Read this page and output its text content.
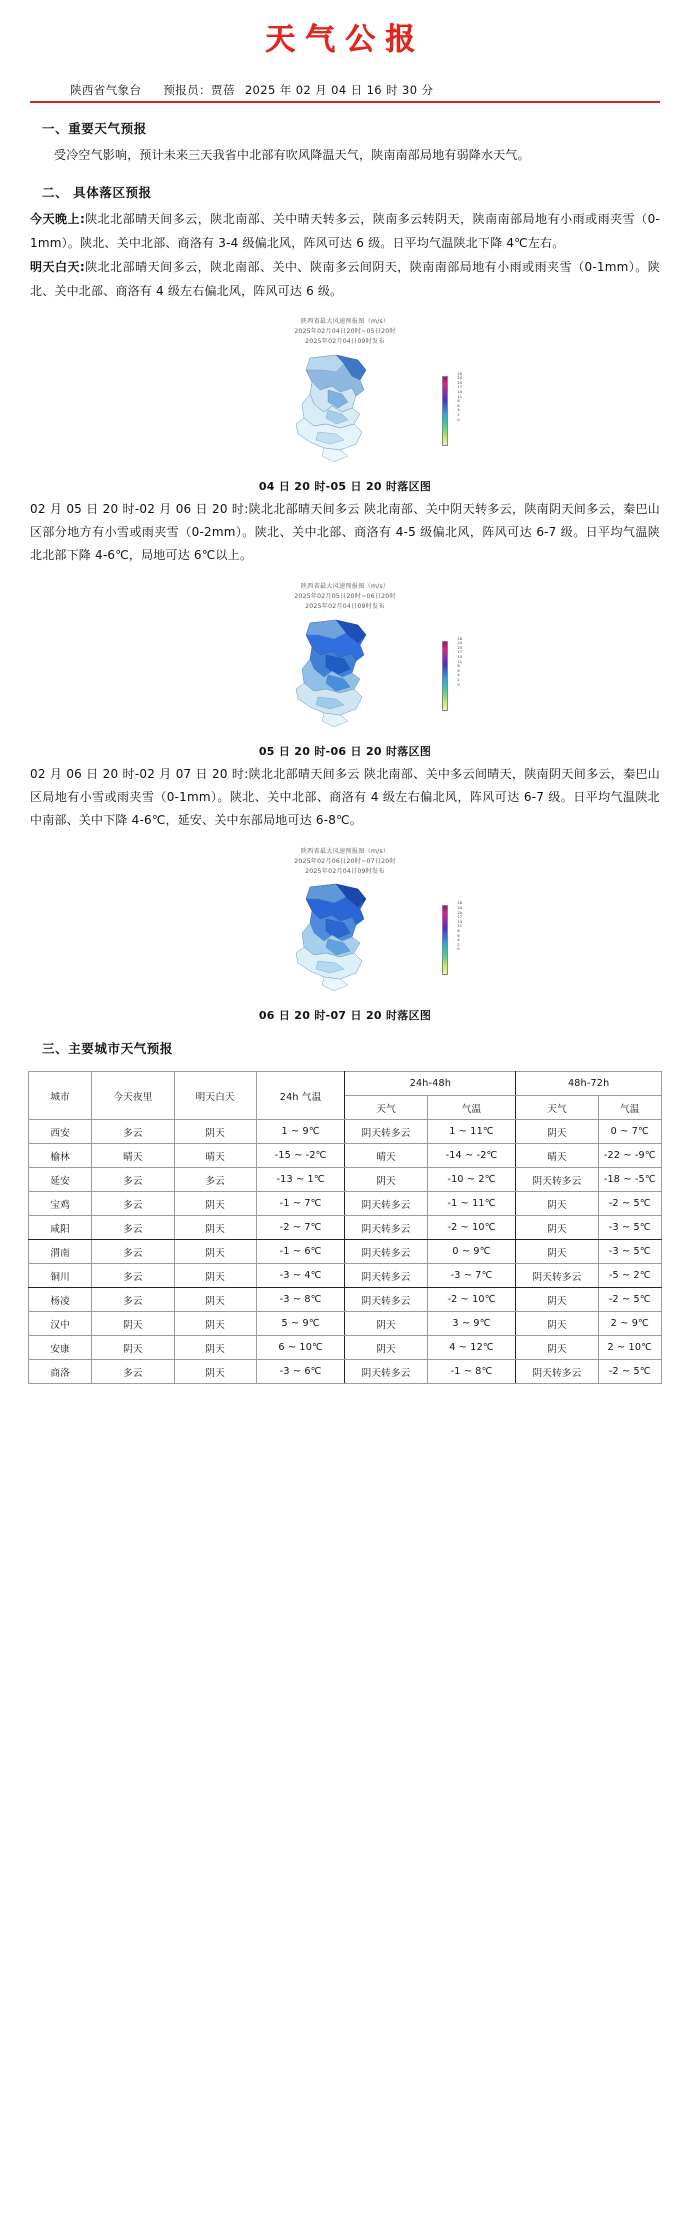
天气公报
陕西省气象台 预报员：贾蓓 2025 年 02 月 04 日 16 时 30 分
一、重要天气预报

受冷空气影响，预计未来三天我省中北部有吹风降温天气，陕南南部局地有弱降水天气。

二、 具体落区预报

今天晚上:陕北北部晴天间多云，陕北南部、关中晴天转多云，陕南多云转阴天，陕南南部局地有小雨或雨夹雪（0-1mm）。陕北、关中北部、商洛有 3-4 级偏北风，阵风可达 6 级。日平均气温陕北下降 4℃左右。

明天白天:陕北北部晴天间多云，陕北南部、关中、陕南多云间阴天，陕南南部局地有小雨或雨夹雪（0-1mm）。陕北、关中北部、商洛有 4 级左右偏北风，阵风可达 6 级。

陕西省最大风速预报图（m/s）
2025年02月04日20时~05日20时
2025年02月04日09时发布
28
24
20
17
14
11
8
6
4
2
0
04 日 20 时-05 日 20 时落区图

02 月 05 日 20 时-02 月 06 日 20 时:陕北北部晴天间多云 陕北南部、关中阴天转多云，陕南阴天间多云，秦巴山区部分地方有小雪或雨夹雪（0-2mm）。陕北、关中北部、商洛有 4-5 级偏北风，阵风可达 6-7 级。日平均气温陕北北部下降 4-6℃，局地可达 6℃以上。

陕西省最大风速预报图（m/s）
2025年02月05日20时~06日20时
2025年02月04日09时发布
28
24
20
17
14
11
8
6
4
2
0
05 日 20 时-06 日 20 时落区图

02 月 06 日 20 时-02 月 07 日 20 时:陕北北部晴天间多云 陕北南部、关中多云间晴天，陕南阴天间多云，秦巴山区局地有小雪或雨夹雪（0-1mm）。陕北、关中北部、商洛有 4 级左右偏北风，阵风可达 6-7 级。日平均气温陕北中南部、关中下降 4-6℃，延安、关中东部局地可达 6-8℃。

陕西省最大风速预报图（m/s）
2025年02月06日20时~07日20时
2025年02月04日09时发布
28
24
20
17
14
11
8
6
4
2
0
06 日 20 时-07 日 20 时落区图
三、主要城市天气预报
城市	今天夜里	明天白天	24h 气温	24h-48h		48h-72h	
				天气	气温	天气	气温
西安	多云	阴天	1 ~ 9℃	阴天转多云	1 ~ 11℃	阴天	0 ~ 7℃
榆林	晴天	晴天	-15 ~ -2℃	晴天	-14 ~ -2℃	晴天	-22 ~ -9℃
延安	多云	多云	-13 ~ 1℃	阴天	-10 ~ 2℃	阴天转多云	-18 ~ -5℃
宝鸡	多云	阴天	-1 ~ 7℃	阴天转多云	-1 ~ 11℃	阴天	-2 ~ 5℃
咸阳	多云	阴天	-2 ~ 7℃	阴天转多云	-2 ~ 10℃	阴天	-3 ~ 5℃
渭南	多云	阴天	-1 ~ 6℃	阴天转多云	0 ~ 9℃	阴天	-3 ~ 5℃
铜川	多云	阴天	-3 ~ 4℃	阴天转多云	-3 ~ 7℃	阴天转多云	-5 ~ 2℃
杨凌	多云	阴天	-3 ~ 8℃	阴天转多云	-2 ~ 10℃	阴天	-2 ~ 5℃
汉中	阴天	阴天	5 ~ 9℃	阴天	3 ~ 9℃	阴天	2 ~ 9℃
安康	阴天	阴天	6 ~ 10℃	阴天	4 ~ 12℃	阴天	2 ~ 10℃
商洛	多云	阴天	-3 ~ 6℃	阴天转多云	-1 ~ 8℃	阴天转多云	-2 ~ 5℃
